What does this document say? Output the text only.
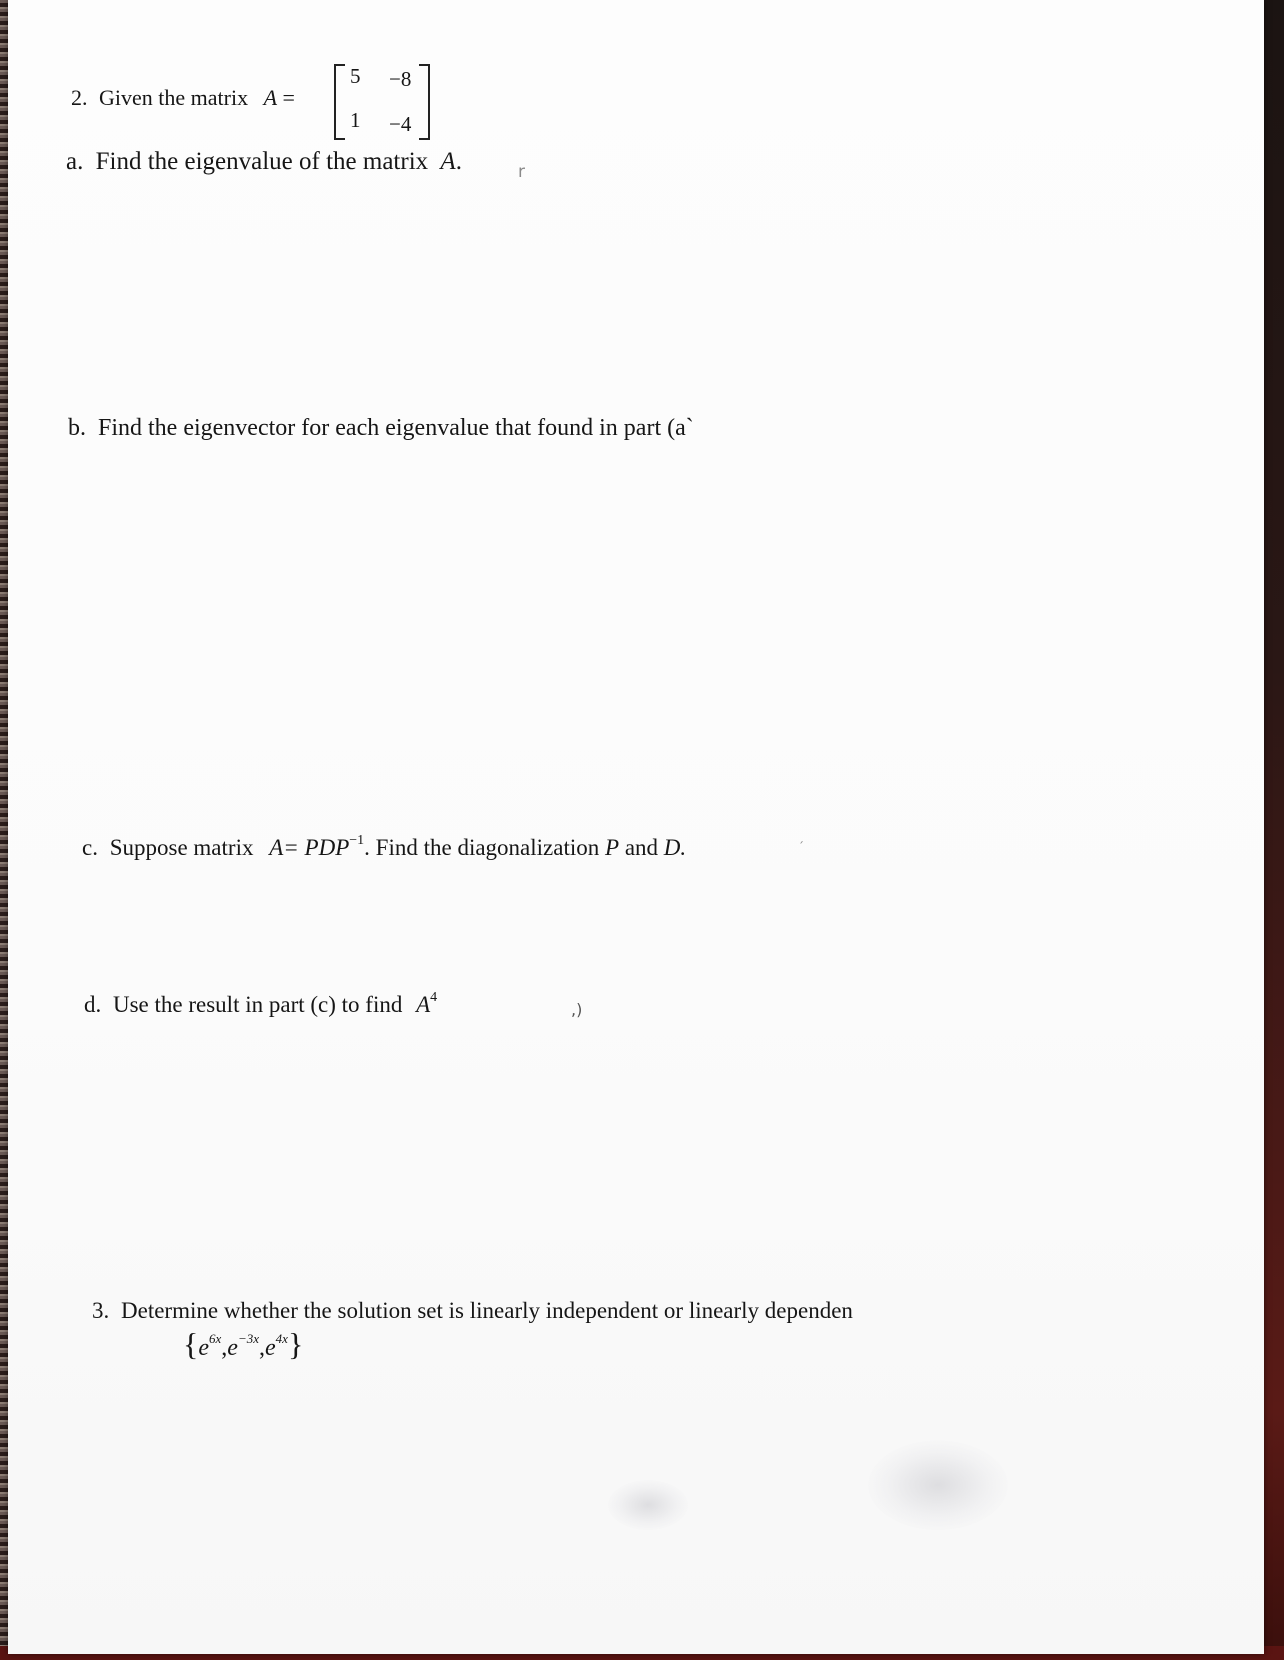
2. Given the matrix A =
5 −8
1 −4
a. Find the eigenvalue of the matrix A.	r
b. Find the eigenvector for each eigenvalue that found in part (a`
c. Suppose matrix $A= PDP^{-1}$. Find the diagonalization P and D.	ˊ
d. Use the result in part (c) to find $A^4$
,)
3. Determine whether the solution set is linearly independent or linearly dependen
$\{e^{6x},e^{-3x},e^{4x}\}$
